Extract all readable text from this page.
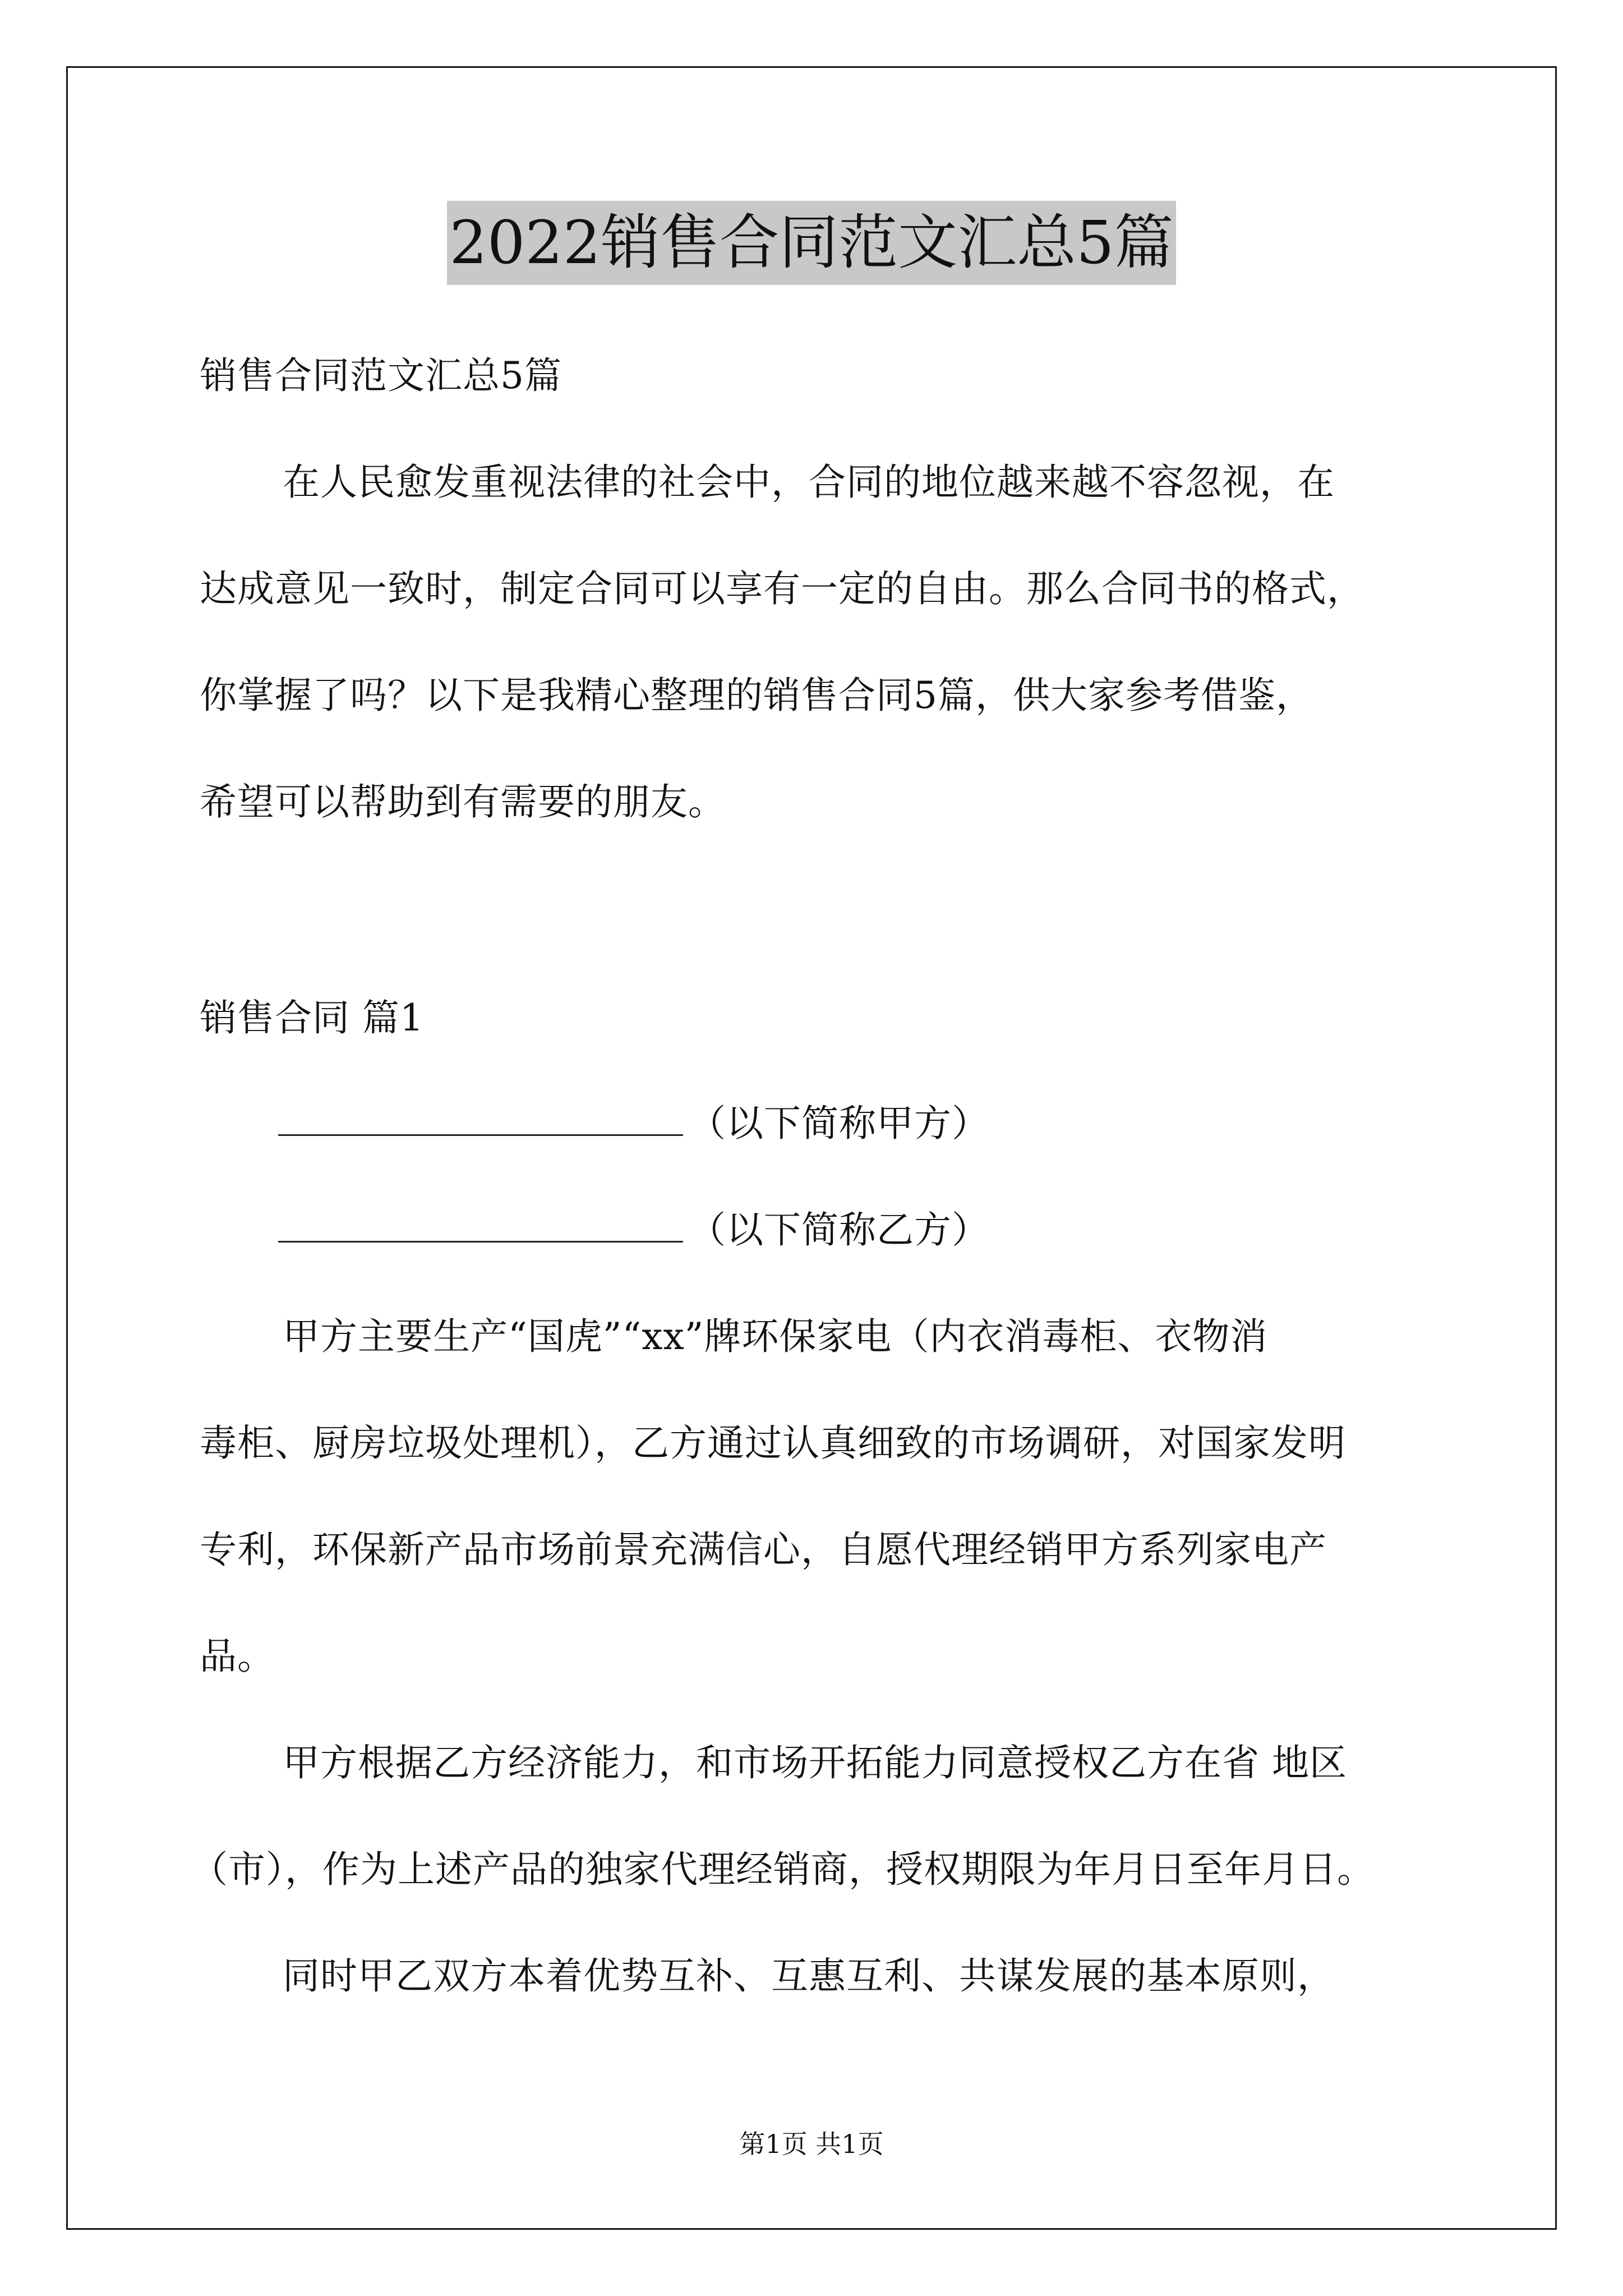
2022销售合同范文汇总5篇
销售合同范文汇总5篇
在人民愈发重视法律的社会中，合同的地位越来越不容忽视，在
达成意见一致时，制定合同可以享有一定的自由。那么合同书的格式，
你掌握了吗？以下是我精心整理的销售合同5篇，供大家参考借鉴，
希望可以帮助到有需要的朋友。
销售合同 篇1
（以下简称甲方）
（以下简称乙方）
甲方主要生产“国虎”“xx”牌环保家电（内衣消毒柜、衣物消
毒柜、厨房垃圾处理机），乙方通过认真细致的市场调研，对国家发明
专利，环保新产品市场前景充满信心，自愿代理经销甲方系列家电产
品。
甲方根据乙方经济能力，和市场开拓能力同意授权乙方在省 地区
（市），作为上述产品的独家代理经销商，授权期限为年月日至年月日。
同时甲乙双方本着优势互补、互惠互利、共谋发展的基本原则，
第1页 共1页
